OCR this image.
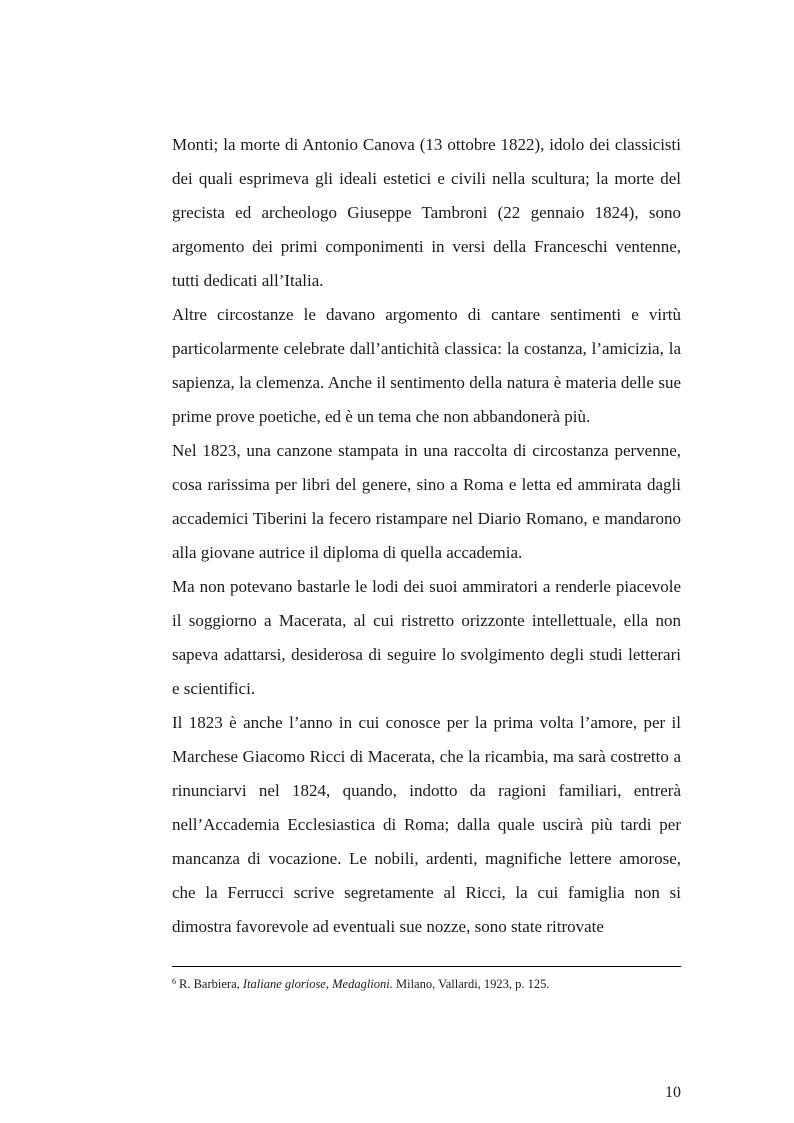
Monti; la morte di Antonio Canova (13 ottobre 1822), idolo dei classicisti dei quali esprimeva gli ideali estetici e civili nella scultura; la morte del grecista ed archeologo Giuseppe Tambroni (22 gennaio 1824), sono argomento dei primi componimenti in versi della Franceschi ventenne, tutti dedicati all’Italia.

Altre circostanze le davano argomento di cantare sentimenti e virtù particolarmente celebrate dall’antichità classica: la costanza, l’amicizia, la sapienza, la clemenza. Anche il sentimento della natura è materia delle sue prime prove poetiche, ed è un tema che non abbandonerà più.

Nel 1823, una canzone stampata in una raccolta di circostanza pervenne, cosa rarissima per libri del genere, sino a Roma e letta ed ammirata dagli accademici Tiberini la fecero ristampare nel Diario Romano, e mandarono alla giovane autrice il diploma di quella accademia.

Ma non potevano bastarle le lodi dei suoi ammiratori a renderle piacevole il soggiorno a Macerata, al cui ristretto orizzonte intellettuale, ella non sapeva adattarsi, desiderosa di seguire lo svolgimento degli studi letterari e scientifici.

Il 1823 è anche l’anno in cui conosce per la prima volta l’amore, per il Marchese Giacomo Ricci di Macerata, che la ricambia, ma sarà costretto a rinunciarvi nel 1824, quando, indotto da ragioni familiari, entrerà nell’Accademia Ecclesiastica di Roma; dalla quale uscirà più tardi per mancanza di vocazione. Le nobili, ardenti, magnifiche lettere amorose, che la Ferrucci scrive segretamente al Ricci, la cui famiglia non si dimostra favorevole ad eventuali sue nozze, sono state ritrovate

$^6$ R. Barbiera, Italiane gloriose, Medaglioni. Milano, Vallardi, 1923, p. 125.
10
